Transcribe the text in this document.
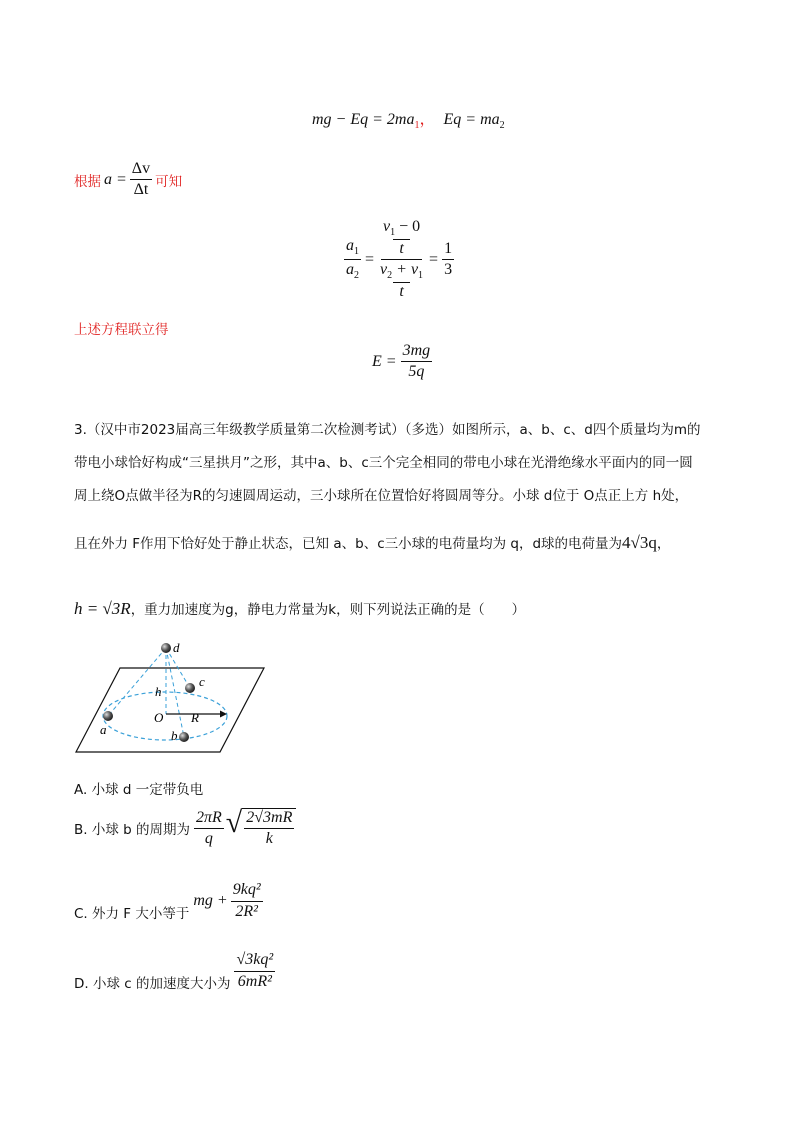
mg − $Eq = 2ma_1$， $Eq = ma_2$
根据 $a = \frac{\Delta v}{\Delta t}$ 可知
$\frac{a_1}{a_2} = v_1 - 0$
t
$v_2 + v_1$
$t = \frac{1}{3}$
上述方程联立得
$E = \frac{3mg}{5q}$
3.（汉中市2023届高三年级教学质量第二次检测考试）（多选）如图所示，a、b、c、d四个质量均为m的
带电小球恰好构成“三星拱月”之形，其中a、b、c三个完全相同的带电小球在光滑绝缘水平面内的同一圆
周上绕O点做半径为R的匀速圆周运动，三小球所在位置恰好将圆周等分。小球 d位于 O点正上方 h处，
且在外力 F作用下恰好处于静止状态，已知 a、b、c三小球的电荷量均为 q，d球的电荷量为4√3q，
h = √3R，重力加速度为g，静电力常量为k，则下列说法正确的是（　　）
d
c
h
O R
a	b
A. 小球 d 一定带负电
B. 小球 b 的周期为 $\frac{2\pi R}{q}$ √ $\frac{2√3mR}{k}$
C. 外力 F 大小等于
mg + $\frac{\text{9kq²}}{\text{2R²}}$
D. 小球 c 的加速度大小为 $\frac{\text{√3kq²}}{\text{6mR²}}$
